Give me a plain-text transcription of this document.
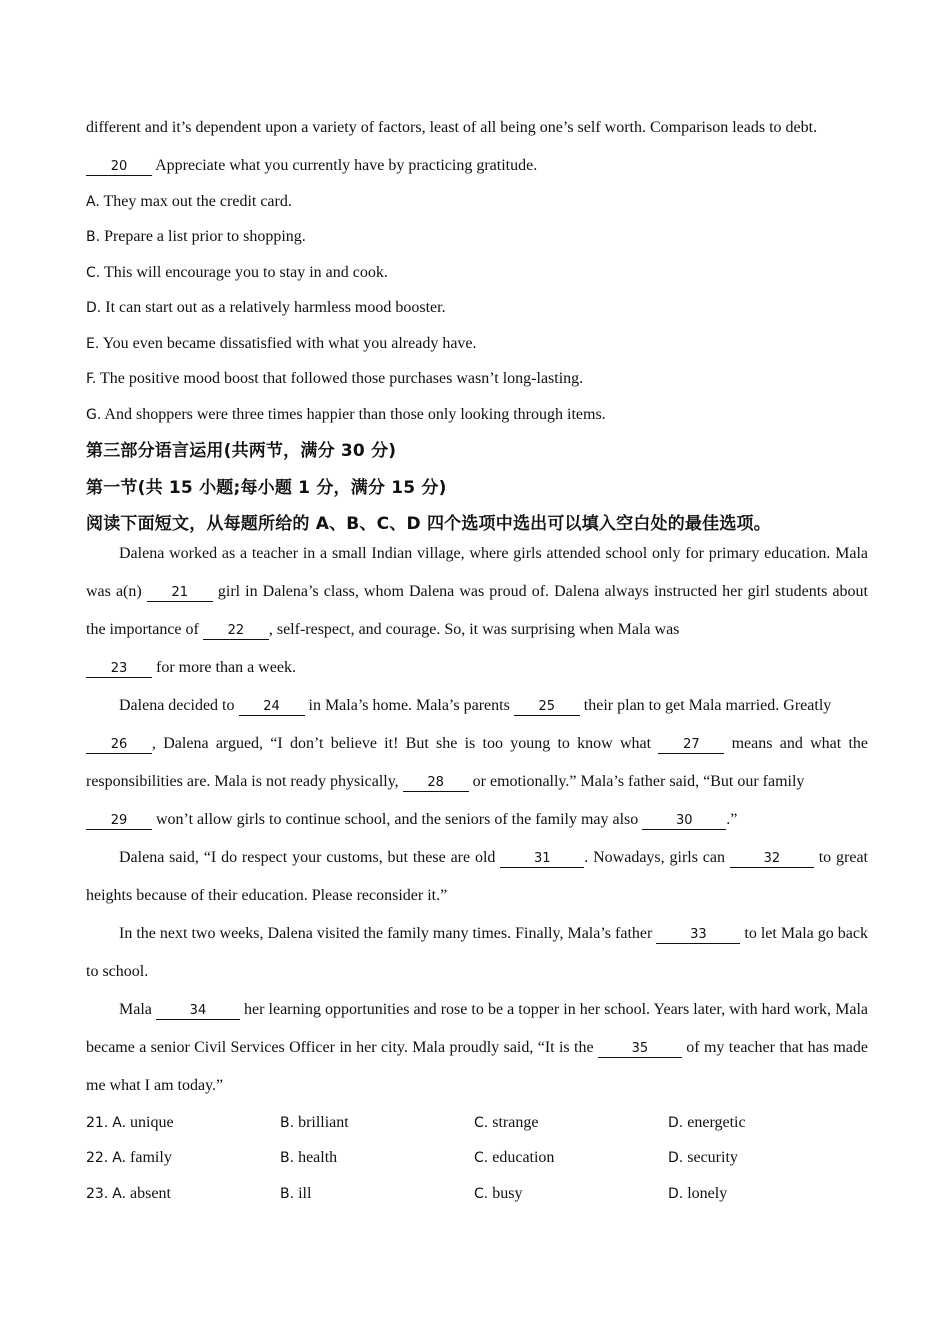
different and it’s dependent upon a variety of factors, least of all being one’s self worth. Comparison leads to debt.
20 Appreciate what you currently have by practicing gratitude.
A. They max out the credit card.
B. Prepare a list prior to shopping.
C. This will encourage you to stay in and cook.
D. It can start out as a relatively harmless mood booster.
E. You even became dissatisfied with what you already have.
F. The positive mood boost that followed those purchases wasn’t long-lasting.
G. And shoppers were three times happier than those only looking through items.
第三部分语言运用(共两节，满分 30 分)
第一节(共 15 小题;每小题 1 分，满分 15 分)
阅读下面短文，从每题所给的 A、B、C、D 四个选项中选出可以填入空白处的最佳选项。

Dalena worked as a teacher in a small Indian village, where girls attended school only for primary education. Mala was a(n) 21 girl in Dalena’s class, whom Dalena was proud of. Dalena always instructed her girl students about the importance of 22 , self-respect, and courage. So, it was surprising when Mala was
23 for more than a week.

Dalena decided to 24 in Mala’s home. Mala’s parents 25 their plan to get Mala married. Greatly
26 , Dalena argued, “I don’t believe it! But she is too young to know what 27 means and what the responsibilities are. Mala is not ready physically, 28 or emotionally.” Mala’s father said, “But our family
29 won’t allow girls to continue school, and the seniors of the family may also	30 .”

Dalena said, “I do respect your customs, but these are old	31 . Nowadays, girls can	32 to great heights because of their education. Please reconsider it.”

In the next two weeks, Dalena visited the family many times. Finally, Mala’s father	33 to let Mala go back to school.

Mala	34 her learning opportunities and rose to be a topper in her school. Years later, with hard work, Mala became a senior Civil Services Officer in her city. Mala proudly said, “It is the	35 of my teacher that has made me what I am today.”

21. A. unique	B. brilliant	C. strange	D. energetic
22. A. family	B. health	C. education	D. security
23. A. absent	B. ill	C. busy	D. lonely
